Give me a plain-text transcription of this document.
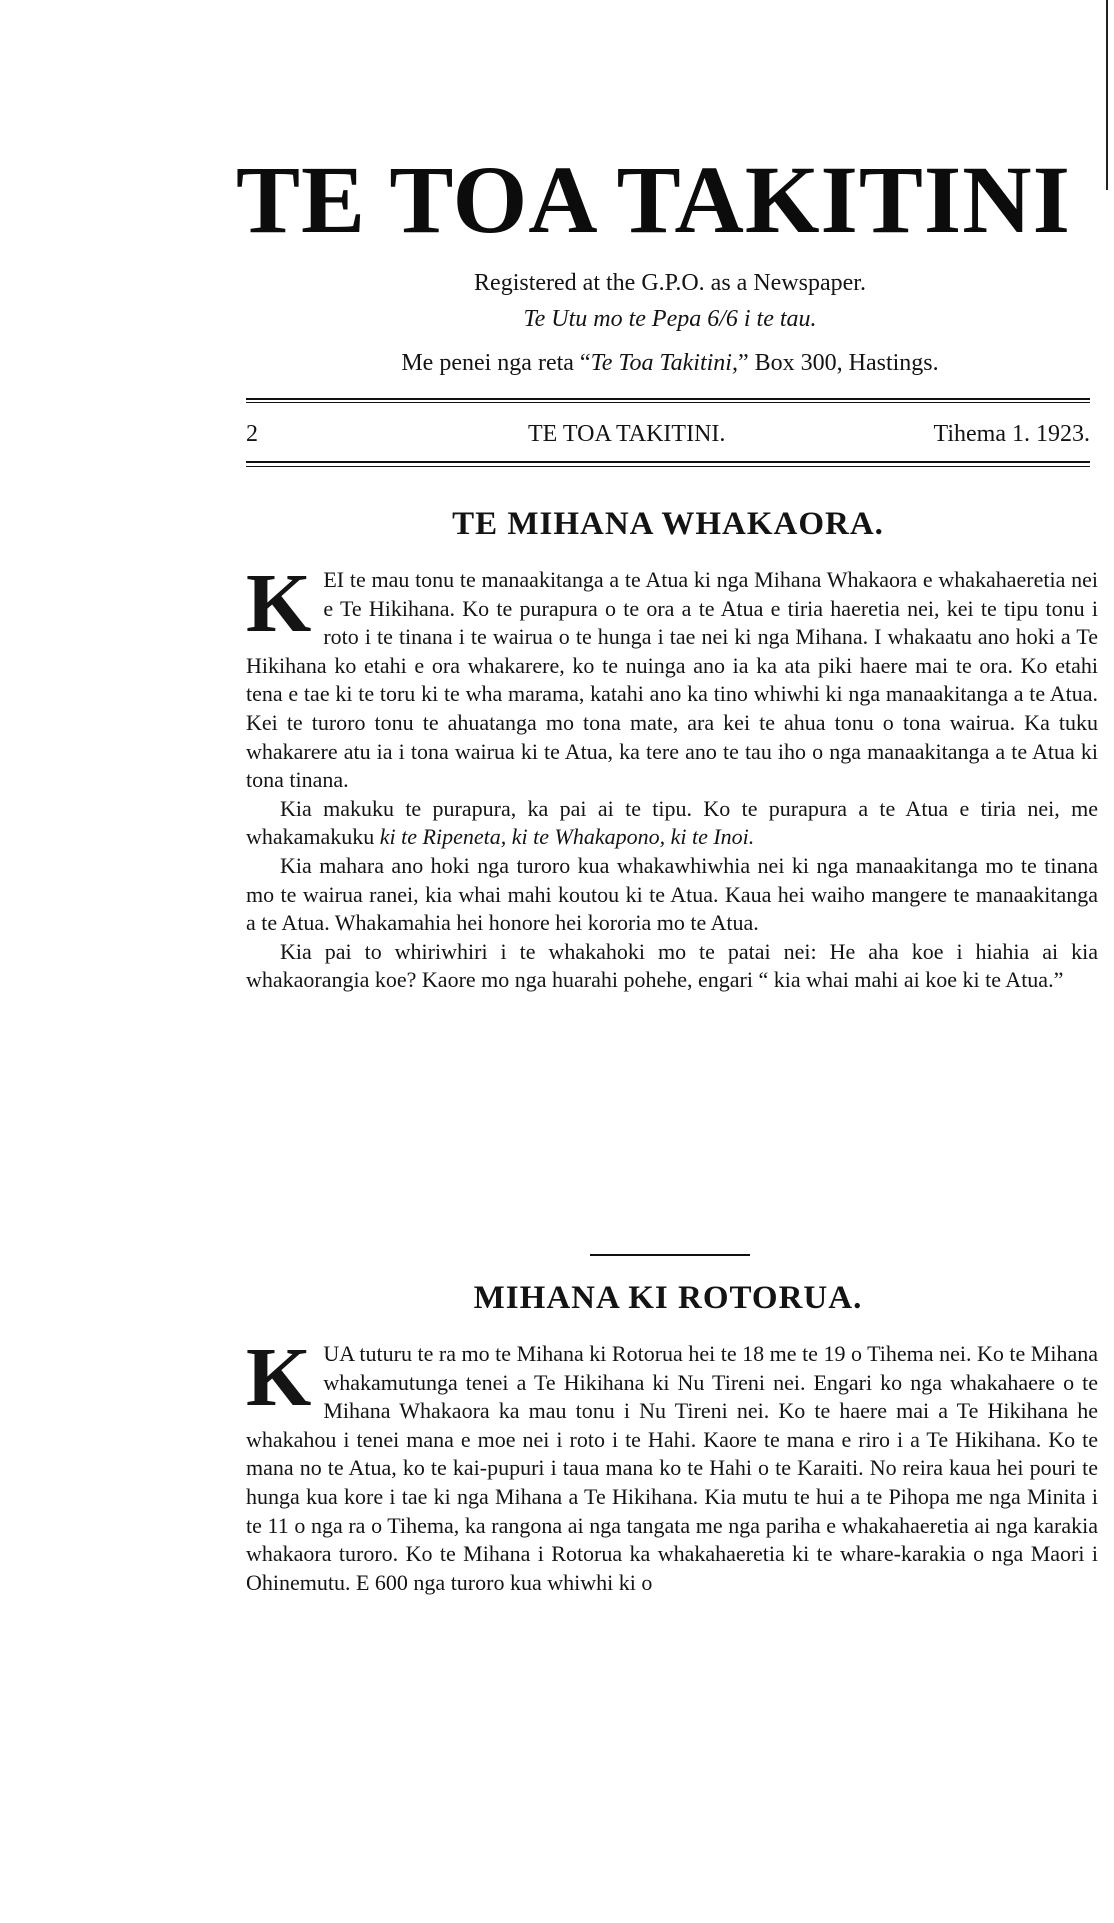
TE TOA TAKITINI
Registered at the G.P.O. as a Newspaper.
Te Utu mo te Pepa 6/6 i te tau.
Me penei nga reta “Te Toa Takitini,” Box 300, Hastings.
2	TE TOA TAKITINI.	Tihema 1. 1923.
TE MIHANA WHAKAORA.

KEI te mau tonu te manaakitanga a te Atua ki nga Mihana Whakaora e whakahaeretia nei e Te Hikihana. Ko te purapura o te ora a te Atua e tiria haeretia nei, kei te tipu tonu i roto i te tinana i te wairua o te hunga i tae nei ki nga Mihana. I whakaatu ano hoki a Te Hikihana ko etahi e ora whakarere, ko te nuinga ano ia ka ata piki haere mai te ora. Ko etahi tena e tae ki te toru ki te wha marama, katahi ano ka tino whiwhi ki nga manaakitanga a te Atua. Kei te turoro tonu te ahuatanga mo tona mate, ara kei te ahua tonu o tona wairua. Ka tuku whakarere atu ia i tona wairua ki te Atua, ka tere ano te tau iho o nga manaakitanga a te Atua ki tona tinana.

Kia makuku te purapura, ka pai ai te tipu. Ko te purapura a te Atua e tiria nei, me whakamakuku ki te Ripeneta, ki te Whakapono, ki te Inoi.

Kia mahara ano hoki nga turoro kua whakawhiwhia nei ki nga manaakitanga mo te tinana mo te wairua ranei, kia whai mahi koutou ki te Atua. Kaua hei waiho mangere te manaakitanga a te Atua. Whakamahia hei honore hei kororia mo te Atua.

Kia pai to whiriwhiri i te whakahoki mo te patai nei: He aha koe i hiahia ai kia whakaorangia koe? Kaore mo nga huarahi pohehe, engari “ kia whai mahi ai koe ki te Atua.”

MIHANA KI ROTORUA.

KUA tuturu te ra mo te Mihana ki Rotorua hei te 18 me te 19 o Tihema nei. Ko te Mihana whakamutunga tenei a Te Hikihana ki Nu Tireni nei. Engari ko nga whakahaere o te Mihana Whakaora ka mau tonu i Nu Tireni nei. Ko te haere mai a Te Hikihana he whakahou i tenei mana e moe nei i roto i te Hahi. Kaore te mana e riro i a Te Hikihana. Ko te mana no te Atua, ko te kai-pupuri i taua mana ko te Hahi o te Karaiti. No reira kaua hei pouri te hunga kua kore i tae ki nga Mihana a Te Hikihana. Kia mutu te hui a te Pihopa me nga Minita i te 11 o nga ra o Tihema, ka rangona ai nga tangata me nga pariha e whakahaeretia ai nga karakia whakaora turoro. Ko te Mihana i Rotorua ka whakahaeretia ki te whare-karakia o nga Maori i Ohinemutu. E 600 nga turoro kua whiwhi ki o
